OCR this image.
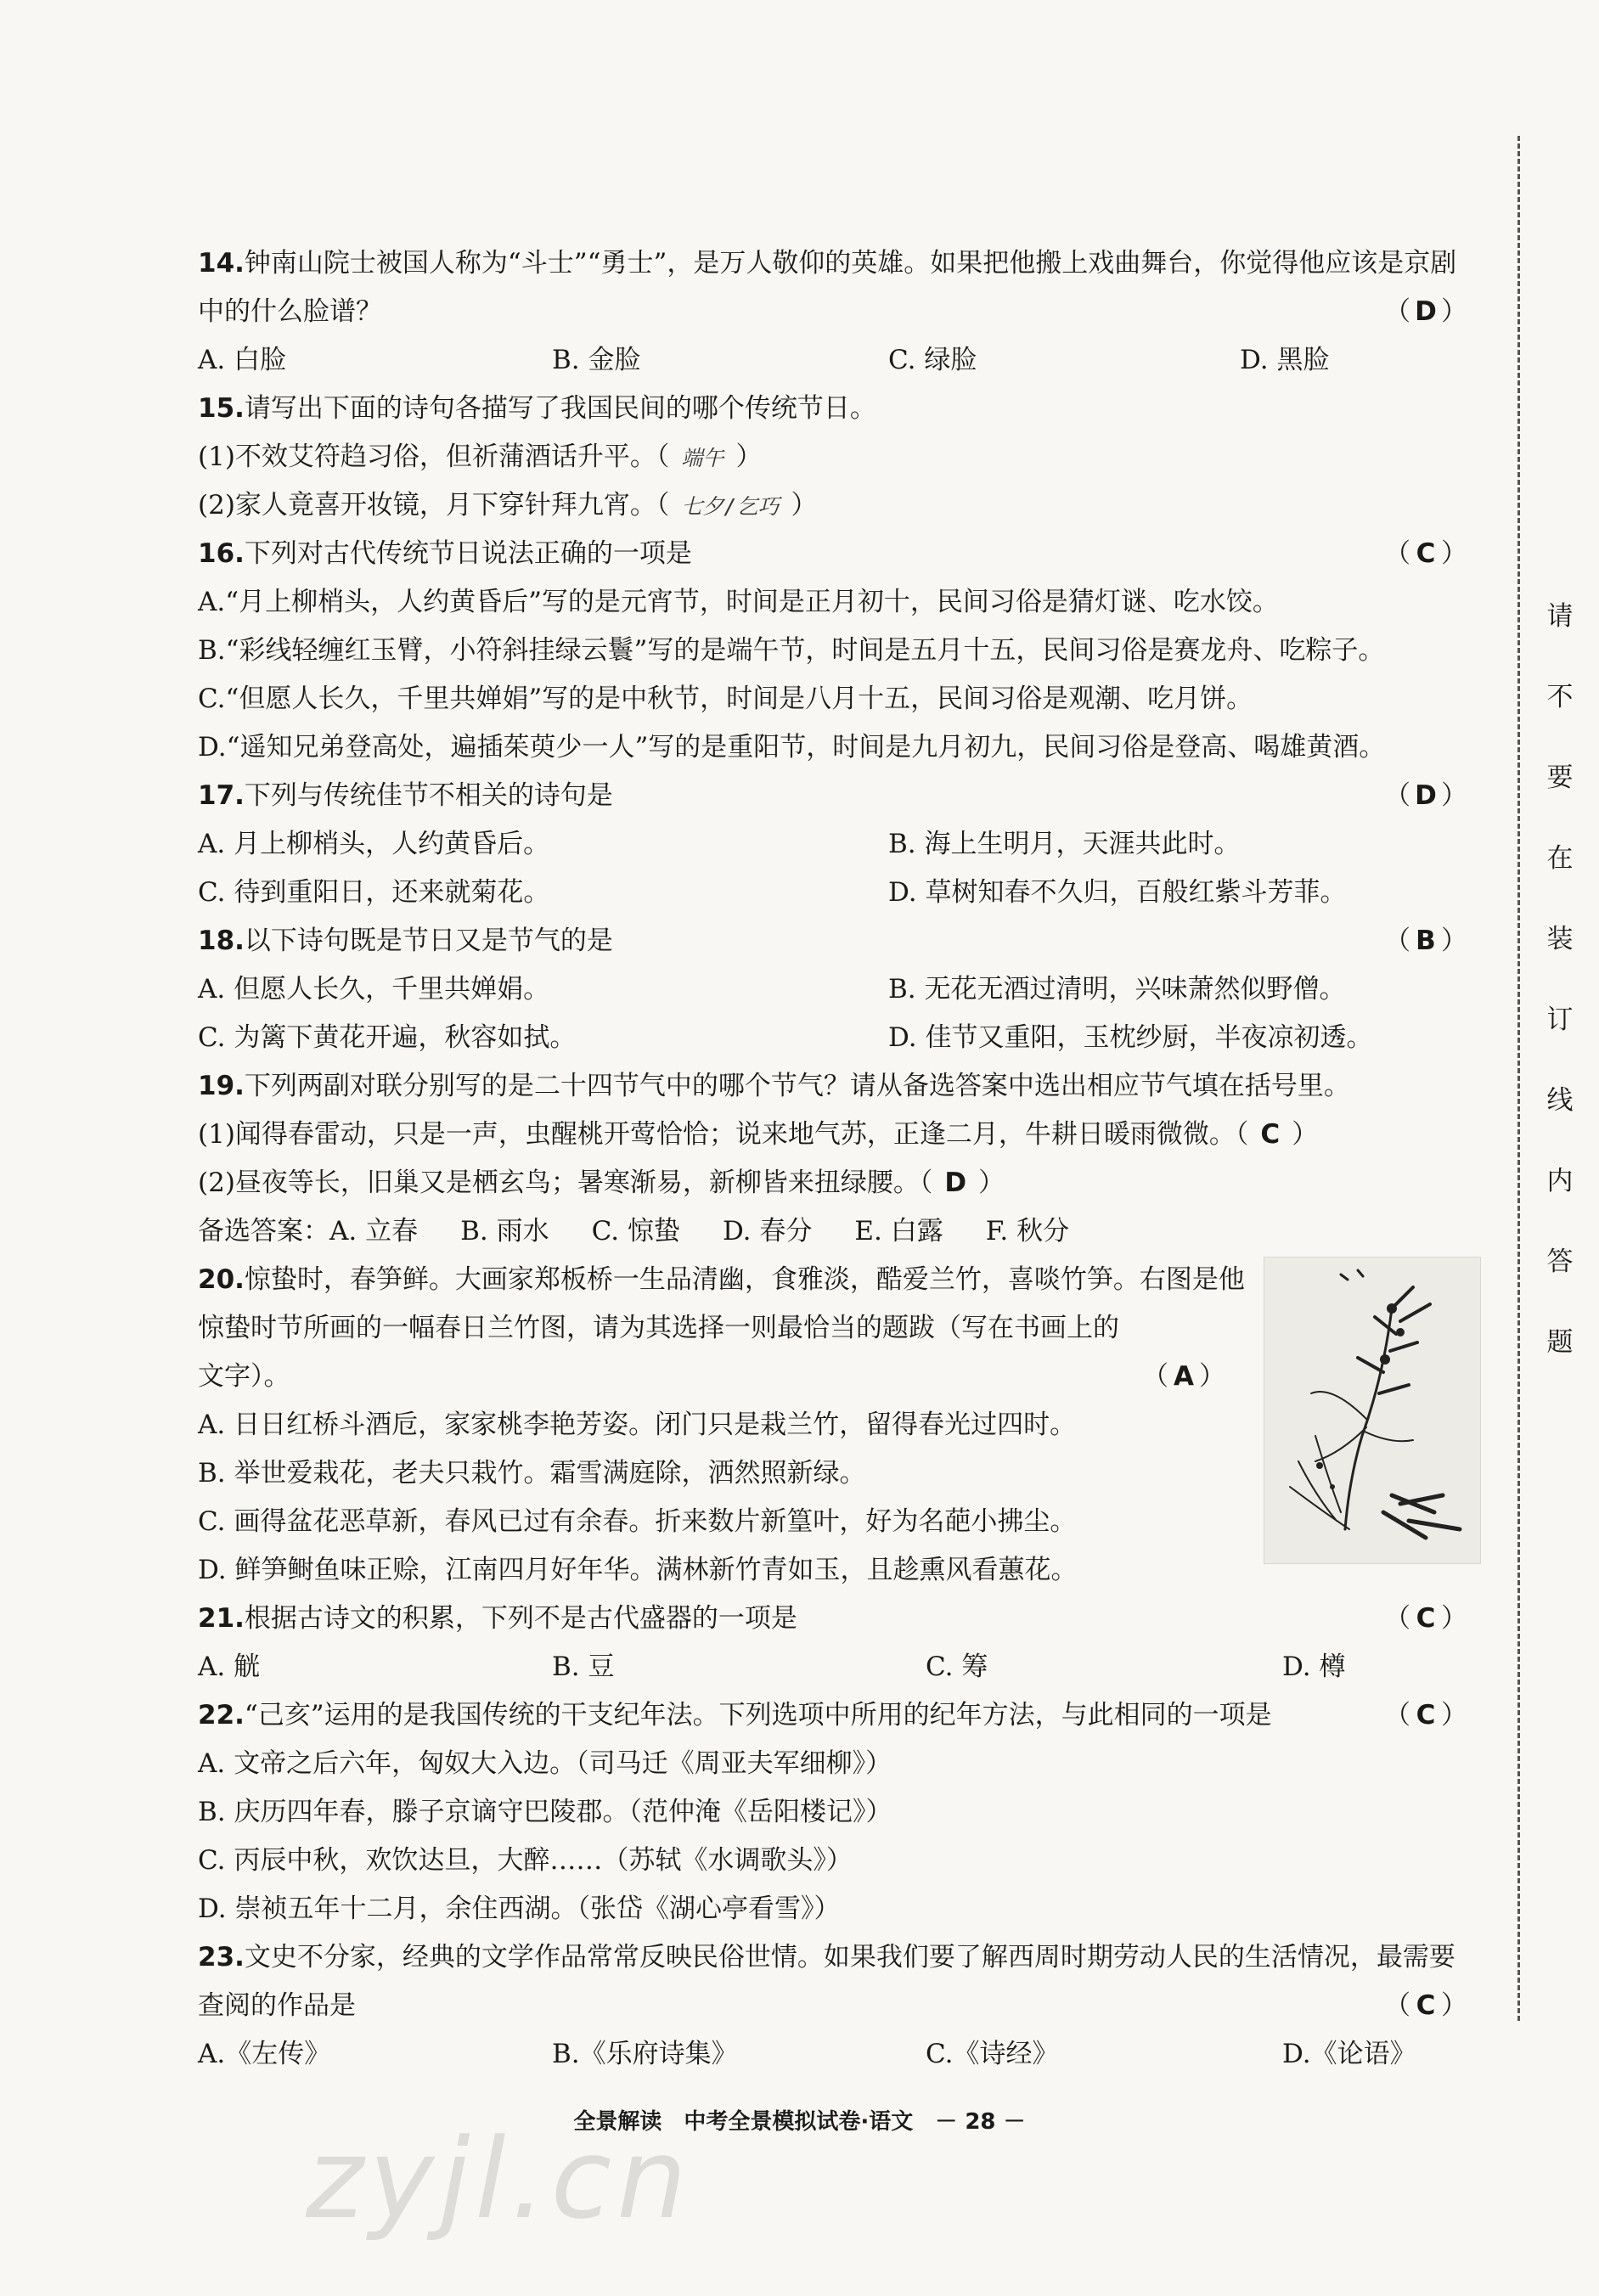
14.钟南山院士被国人称为“斗士”“勇士”，是万人敬仰的英雄。如果把他搬上戏曲舞台，你觉得他应该是京剧
中的什么脸谱？	（ D ）
A. 白脸	B. 金脸	C. 绿脸	D. 黑脸
15.请写出下面的诗句各描写了我国民间的哪个传统节日。
(1)不效艾符趋习俗，但祈蒲酒话升平。（ 端午 ）
(2)家人竟喜开妆镜，月下穿针拜九宵。（ 七夕/乞巧 ）
16.下列对古代传统节日说法正确的一项是	（ C ）
A.“月上柳梢头，人约黄昏后”写的是元宵节，时间是正月初十，民间习俗是猜灯谜、吃水饺。
B.“彩线轻缠红玉臂，小符斜挂绿云鬟”写的是端午节，时间是五月十五，民间习俗是赛龙舟、吃粽子。
C.“但愿人长久，千里共婵娟”写的是中秋节，时间是八月十五，民间习俗是观潮、吃月饼。
D.“遥知兄弟登高处，遍插茱萸少一人”写的是重阳节，时间是九月初九，民间习俗是登高、喝雄黄酒。
17.下列与传统佳节不相关的诗句是	（ D ）
A. 月上柳梢头，人约黄昏后。	B. 海上生明月，天涯共此时。
C. 待到重阳日，还来就菊花。	D. 草树知春不久归，百般红紫斗芳菲。
18.以下诗句既是节日又是节气的是	（ B ）
A. 但愿人长久，千里共婵娟。	B. 无花无酒过清明，兴味萧然似野僧。
C. 为篱下黄花开遍，秋容如拭。	D. 佳节又重阳，玉枕纱厨，半夜凉初透。
19.下列两副对联分别写的是二十四节气中的哪个节气？请从备选答案中选出相应节气填在括号里。
(1)闻得春雷动，只是一声，虫醒桃开莺恰恰；说来地气苏，正逢二月，牛耕日暖雨微微。（ C ）
(2)昼夜等长，旧巢又是栖玄鸟；暑寒渐易，新柳皆来扭绿腰。（ D ）
备选答案：A. 立春 B. 雨水 C. 惊蛰 D. 春分 E. 白露 F. 秋分
20.惊蛰时，春笋鲜。大画家郑板桥一生品清幽，食雅淡，酷爱兰竹，喜啖竹笋。右图是他
惊蛰时节所画的一幅春日兰竹图，请为其选择一则最恰当的题跋（写在书画上的
文字）。	（ A ）
A. 日日红桥斗酒卮，家家桃李艳芳姿。闭门只是栽兰竹，留得春光过四时。
B. 举世爱栽花，老夫只栽竹。霜雪满庭除，洒然照新绿。
C. 画得盆花恶草新，春风已过有余春。折来数片新篁叶，好为名葩小拂尘。
D. 鲜笋鲥鱼味正赊，江南四月好年华。满林新竹青如玉，且趁熏风看蕙花。
21.根据古诗文的积累，下列不是古代盛器的一项是	（ C ）
A. 觥	B. 豆	C. 筹	D. 樽
22.“己亥”运用的是我国传统的干支纪年法。下列选项中所用的纪年方法，与此相同的一项是	（ C ）
A. 文帝之后六年，匈奴大入边。（司马迁《周亚夫军细柳》）
B. 庆历四年春，滕子京谪守巴陵郡。（范仲淹《岳阳楼记》）
C. 丙辰中秋，欢饮达旦，大醉……（苏轼《水调歌头》）
D. 崇祯五年十二月，余住西湖。（张岱《湖心亭看雪》）
23.文史不分家，经典的文学作品常常反映民俗世情。如果我们要了解西周时期劳动人民的生活情况，最需要
查阅的作品是	（ C ）
A.《左传》	B.《乐府诗集》	C.《诗经》	D.《论语》
请
不
要
在
装
订
线
内
答
题
全景解读　中考全景模拟试卷·语文　－ 28 －
zyjl.cn
